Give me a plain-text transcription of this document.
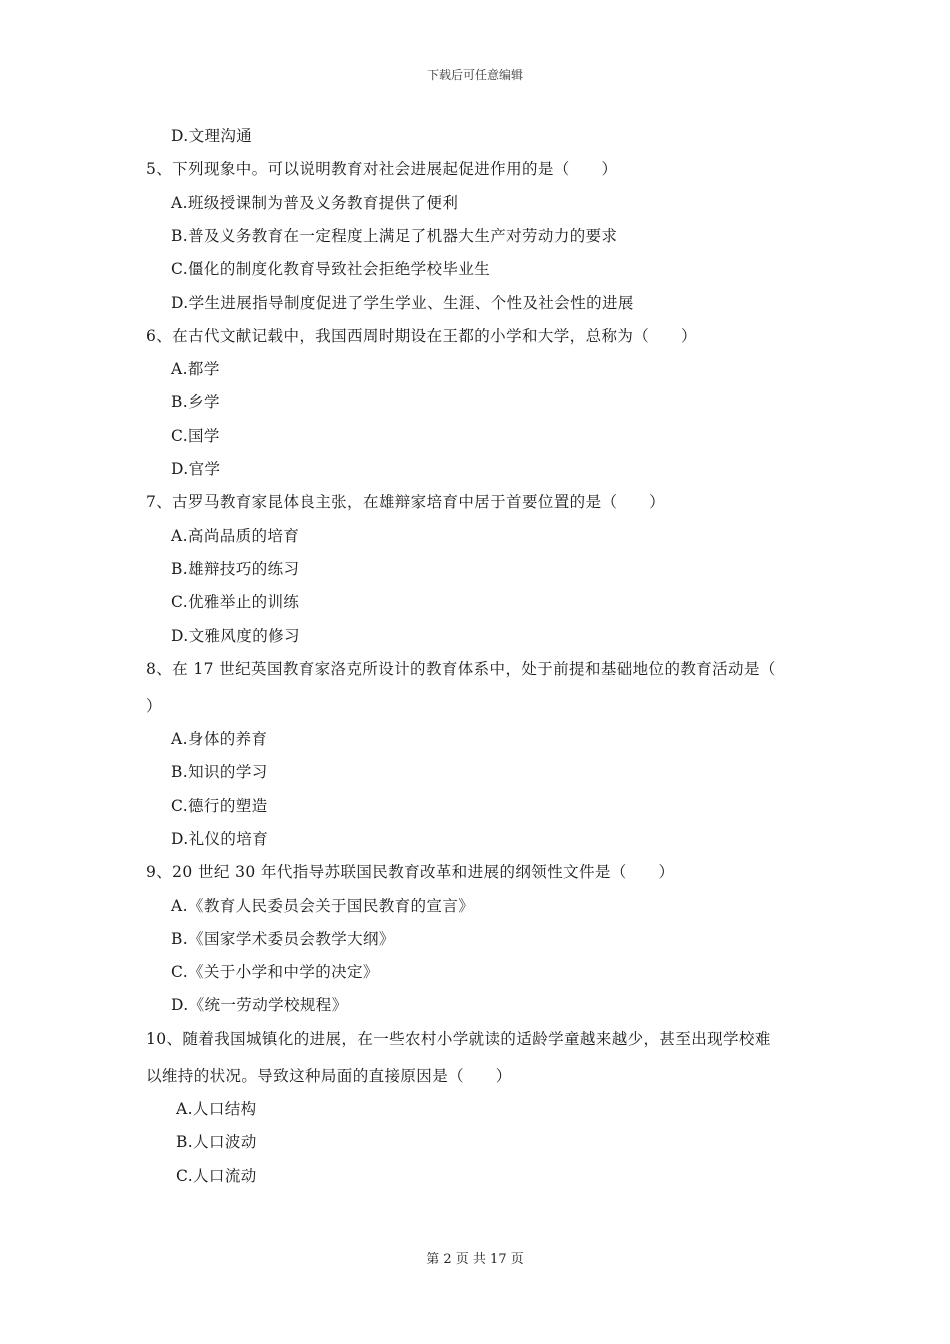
下载后可任意编辑
D.文理沟通
5、下列现象中。可以说明教育对社会进展起促进作用的是（　　）
A.班级授课制为普及义务教育提供了便利
B.普及义务教育在一定程度上满足了机器大生产对劳动力的要求
C.僵化的制度化教育导致社会拒绝学校毕业生
D.学生进展指导制度促进了学生学业、生涯、个性及社会性的进展
6、在古代文献记载中，我国西周时期设在王都的小学和大学，总称为（　　）
A.都学
B.乡学
C.国学
D.官学
7、古罗马教育家昆体良主张，在雄辩家培育中居于首要位置的是（　　）
A.高尚品质的培育
B.雄辩技巧的练习
C.优雅举止的训练
D.文雅风度的修习
8、在 17 世纪英国教育家洛克所设计的教育体系中，处于前提和基础地位的教育活动是（
）
A.身体的养育
B.知识的学习
C.德行的塑造
D.礼仪的培育
9、20 世纪 30 年代指导苏联国民教育改革和进展的纲领性文件是（　　）
A.《教育人民委员会关于国民教育的宣言》
B.《国家学术委员会教学大纲》
C.《关于小学和中学的决定》
D.《统一劳动学校规程》
10、随着我国城镇化的进展，在一些农村小学就读的适龄学童越来越少，甚至出现学校难
以维持的状况。导致这种局面的直接原因是（　　）
A.人口结构
B.人口波动
C.人口流动
第 2 页 共 17 页
